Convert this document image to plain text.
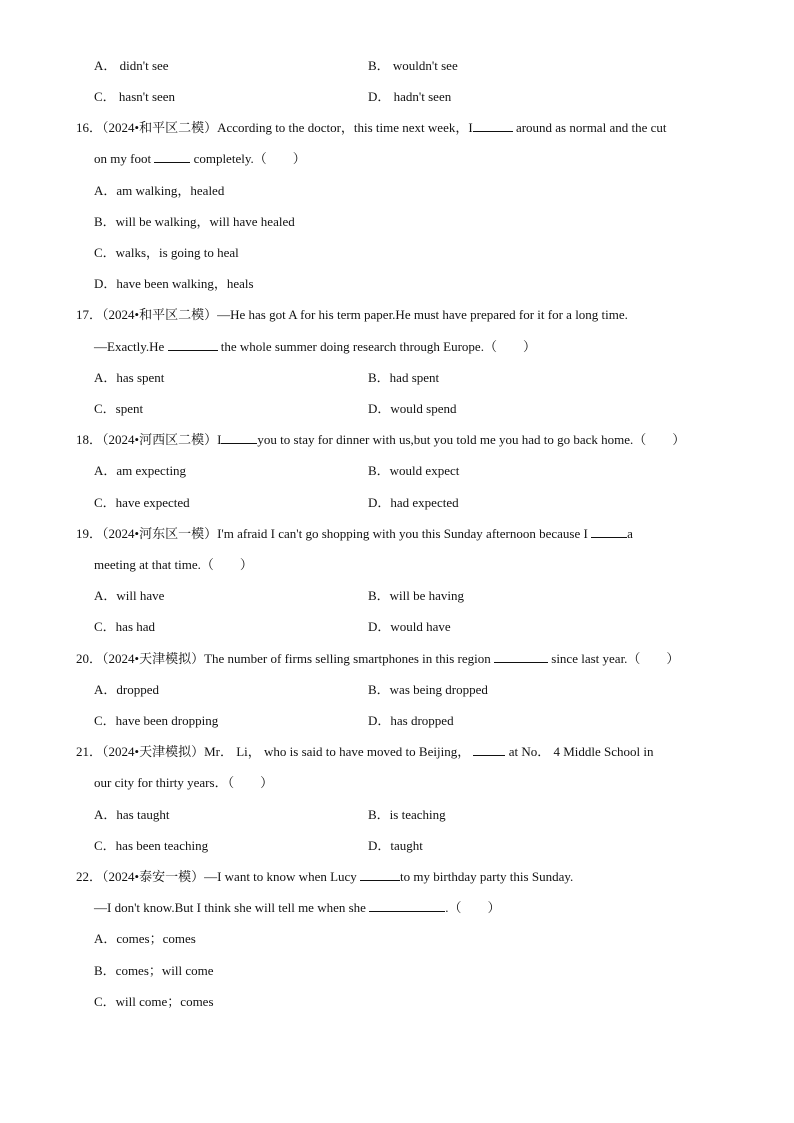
A． didn't see	B． wouldn't see
C． hasn't seen	D． hadn't seen
16．（2024•和平区二模）According to the doctor，this time next week，I	around as normal and the cut
on my foot	completely.（　　）
A．am walking，healed
B．will be walking，will have healed
C．walks，is going to heal
D．have been walking，heals
17．（2024•和平区二模）—He has got A for his term paper.He must have prepared for it for a long time.
—Exactly.He	the whole summer doing research through Europe.（　　）
A．has spent	B．had spent
C．spent	D．would spend
18．（2024•河西区二模）I	you to stay for dinner with us,but you told me you had to go back home.（　　）
A．am expecting	B．would expect
C．have expected	D．had expected
19．（2024•河东区一模）I'm afraid I can't go shopping with you this Sunday afternoon because I	a
meeting at that time.（　　）
A．will have	B．will be having
C．has had	D．would have
20．（2024•天津模拟）The number of firms selling smartphones in this region	since last year.（　　）
A．dropped	B．was being dropped
C．have been dropping	D．has dropped
21．（2024•天津模拟）Mr． Li， who is said to have moved to Beijing，	at No． 4 Middle School in
our city for thirty years．（　　）
A．has taught	B．is teaching
C．has been teaching	D．taught
22．（2024•泰安一模）—I want to know when Lucy	to my birthday party this Sunday.
—I don't know.But I think she will tell me when she	.（　　）
A．comes；comes
B．comes；will come
C．will come；comes
